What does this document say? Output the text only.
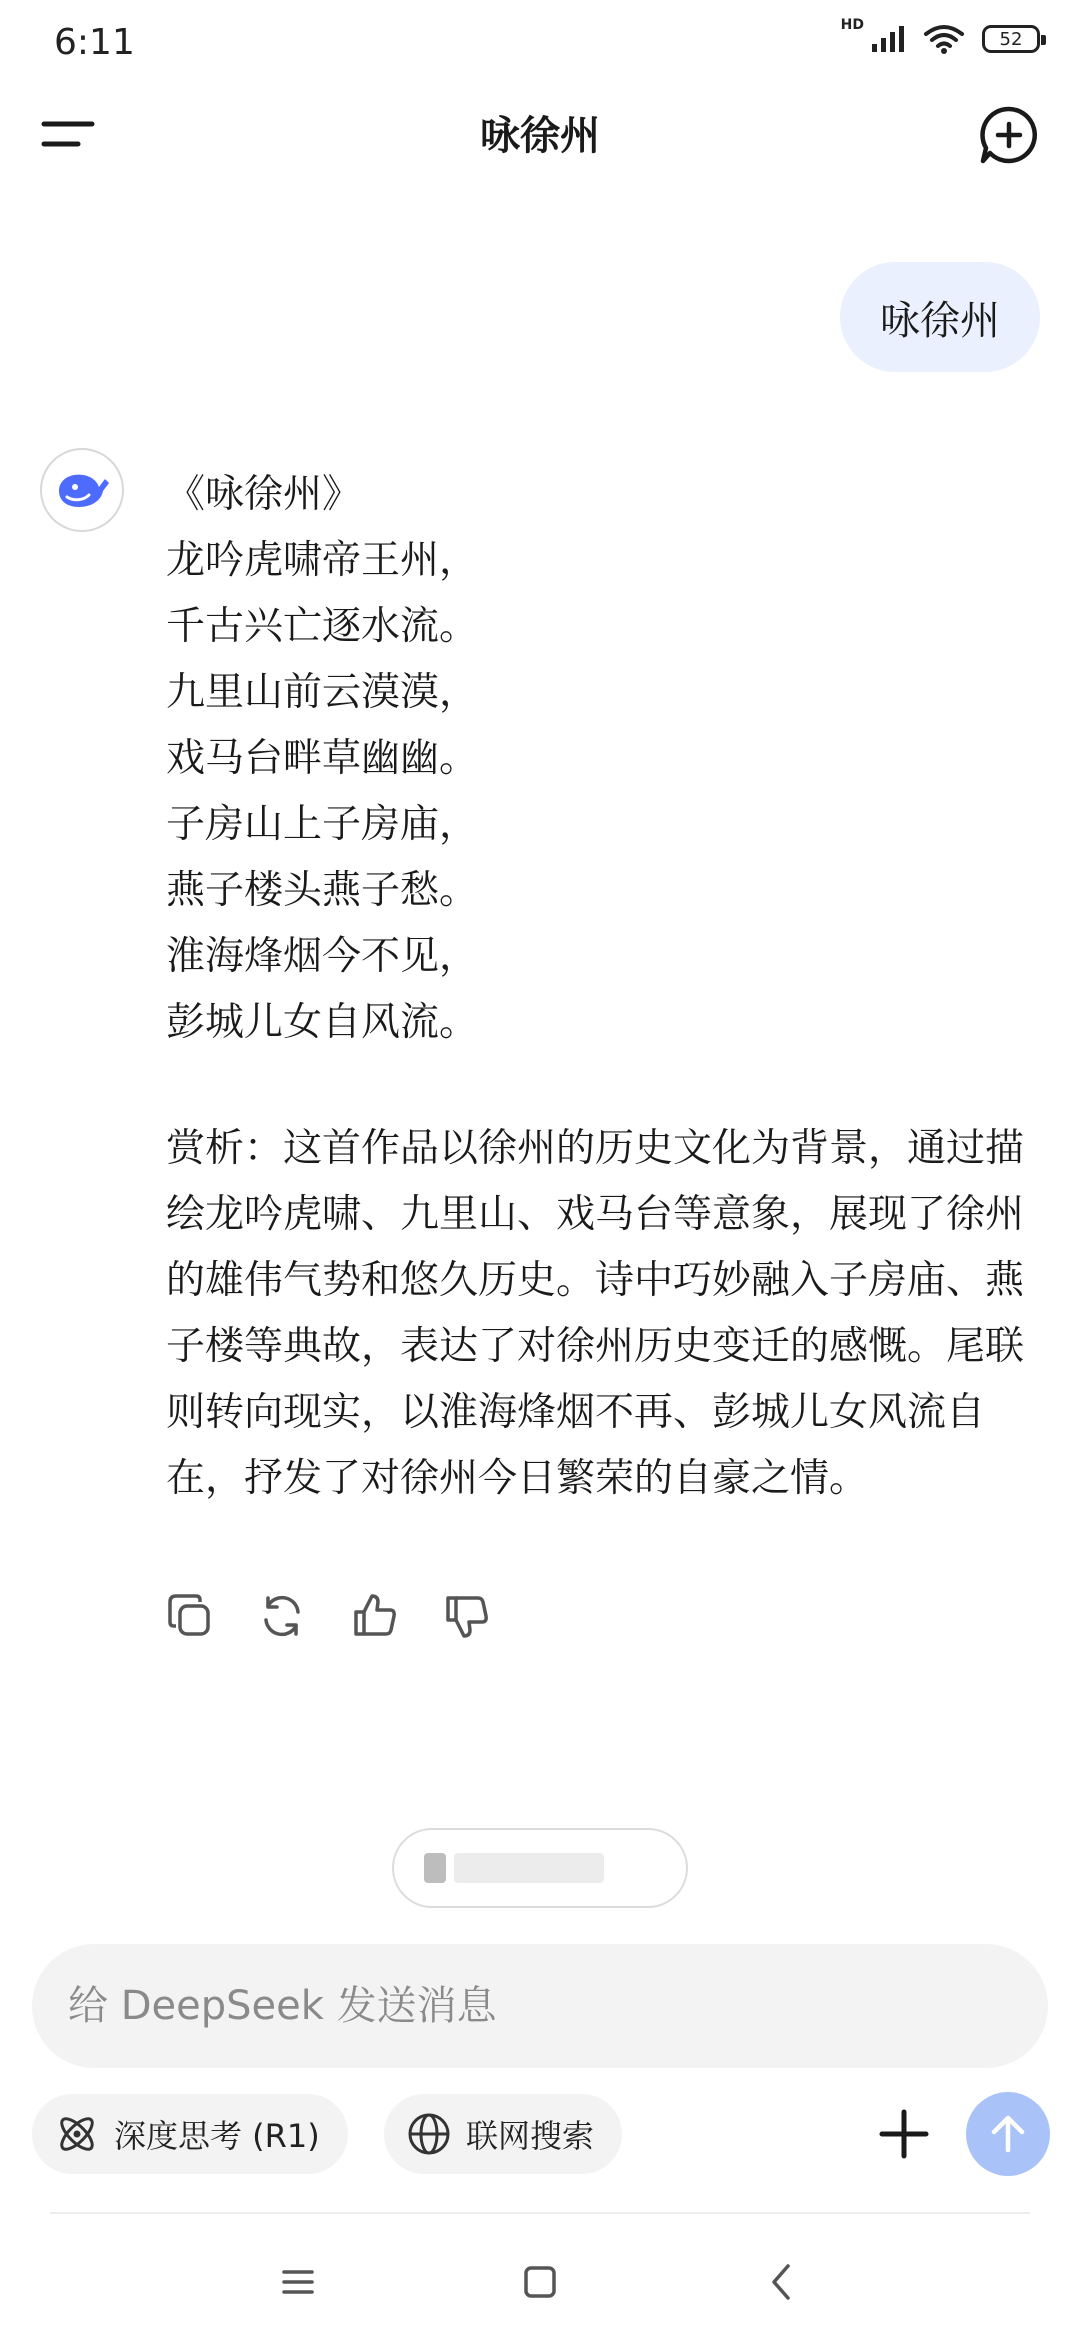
6:11	HD
52
咏徐州
咏徐州
《咏徐州》
龙吟虎啸帝王州，
千古兴亡逐水流。
九里山前云漠漠，
戏马台畔草幽幽。
子房山上子房庙，
燕子楼头燕子愁。
淮海烽烟今不见，
彭城儿女自风流。
赏析：这首作品以徐州的历史文化为背景，通过描绘龙吟虎啸、九里山、戏马台等意象，展现了徐州的雄伟气势和悠久历史。诗中巧妙融入子房庙、燕子楼等典故，表达了对徐州历史变迁的感慨。尾联则转向现实，以淮海烽烟不再、彭城儿女风流自在，抒发了对徐州今日繁荣的自豪之情。
给 DeepSeek 发送消息
深度思考 (R1)	联网搜索
